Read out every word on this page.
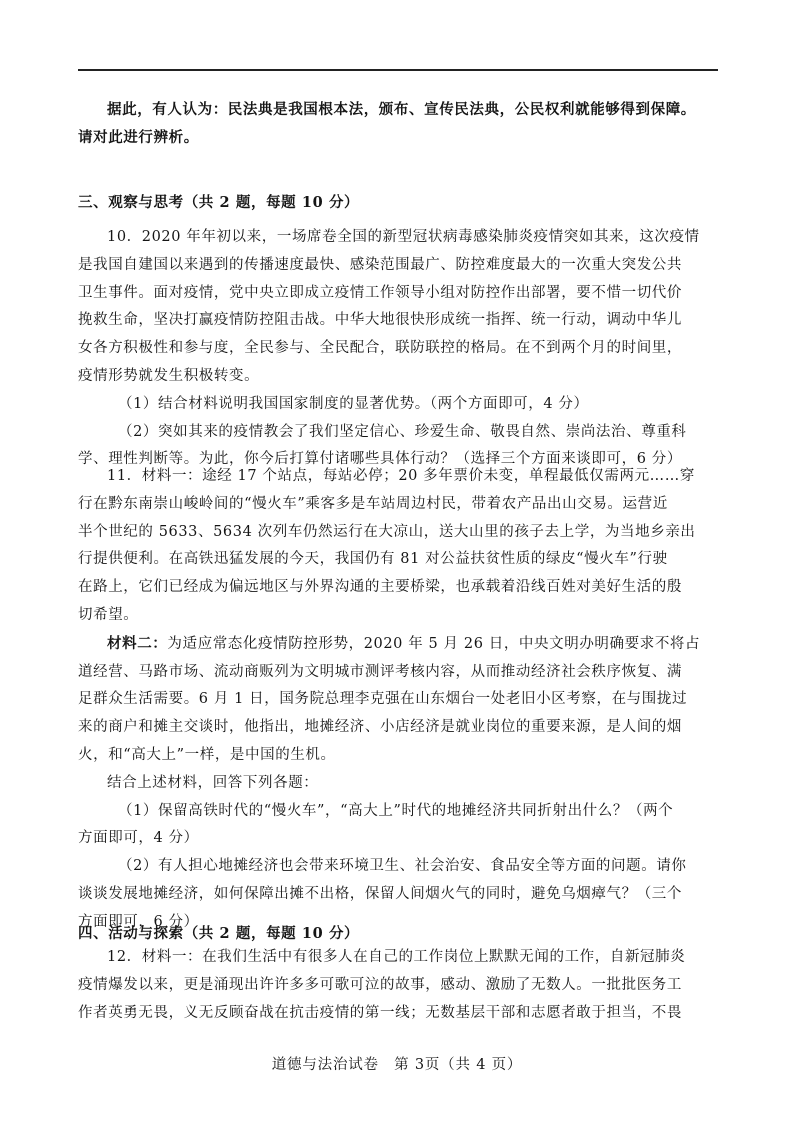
据此，有人认为：民法典是我国根本法，颁布、宣传民法典，公民权利就能够得到保障。
请对此进行辨析。
三、观察与思考（共 2 题，每题 10 分）
10．2020 年年初以来，一场席卷全国的新型冠状病毒感染肺炎疫情突如其来，这次疫情
是我国自建国以来遇到的传播速度最快、感染范围最广、防控难度最大的一次重大突发公共
卫生事件。面对疫情，党中央立即成立疫情工作领导小组对防控作出部署，要不惜一切代价
挽救生命，坚决打赢疫情防控阻击战。中华大地很快形成统一指挥、统一行动，调动中华儿
女各方积极性和参与度，全民参与、全民配合，联防联控的格局。在不到两个月的时间里，
疫情形势就发生积极转变。
（1）结合材料说明我国国家制度的显著优势。（两个方面即可，4 分）
（2）突如其来的疫情教会了我们坚定信心、珍爱生命、敬畏自然、崇尚法治、尊重科
学、理性判断等。为此，你今后打算付诸哪些具体行动？（选择三个方面来谈即可，6 分）
11．材料一：途经 17 个站点，每站必停；20 多年票价未变，单程最低仅需两元……穿
行在黔东南崇山峻岭间的“慢火车”乘客多是车站周边村民，带着农产品出山交易。运营近
半个世纪的 5633、5634 次列车仍然运行在大凉山，送大山里的孩子去上学，为当地乡亲出
行提供便利。在高铁迅猛发展的今天，我国仍有 81 对公益扶贫性质的绿皮“慢火车”行驶
在路上，它们已经成为偏远地区与外界沟通的主要桥梁，也承载着沿线百姓对美好生活的殷
切希望。
材料二：为适应常态化疫情防控形势，2020 年 5 月 26 日，中央文明办明确要求不将占
道经营、马路市场、流动商贩列为文明城市测评考核内容，从而推动经济社会秩序恢复、满
足群众生活需要。6 月 1 日，国务院总理李克强在山东烟台一处老旧小区考察，在与围拢过
来的商户和摊主交谈时，他指出，地摊经济、小店经济是就业岗位的重要来源，是人间的烟
火，和“高大上”一样，是中国的生机。
结合上述材料，回答下列各题：
（1）保留高铁时代的“慢火车”，“高大上”时代的地摊经济共同折射出什么？（两个
方面即可，4 分）
（2）有人担心地摊经济也会带来环境卫生、社会治安、食品安全等方面的问题。请你
谈谈发展地摊经济，如何保障出摊不出格，保留人间烟火气的同时，避免乌烟瘴气？（三个
方面即可，6 分）
四、活动与探索（共 2 题，每题 10 分）
12．材料一：在我们生活中有很多人在自己的工作岗位上默默无闻的工作，自新冠肺炎
疫情爆发以来，更是涌现出许许多多可歌可泣的故事，感动、激励了无数人。一批批医务工
作者英勇无畏，义无反顾奋战在抗击疫情的第一线；无数基层干部和志愿者敢于担当，不畏
道德与法治试卷　第 3页（共 4 页）
